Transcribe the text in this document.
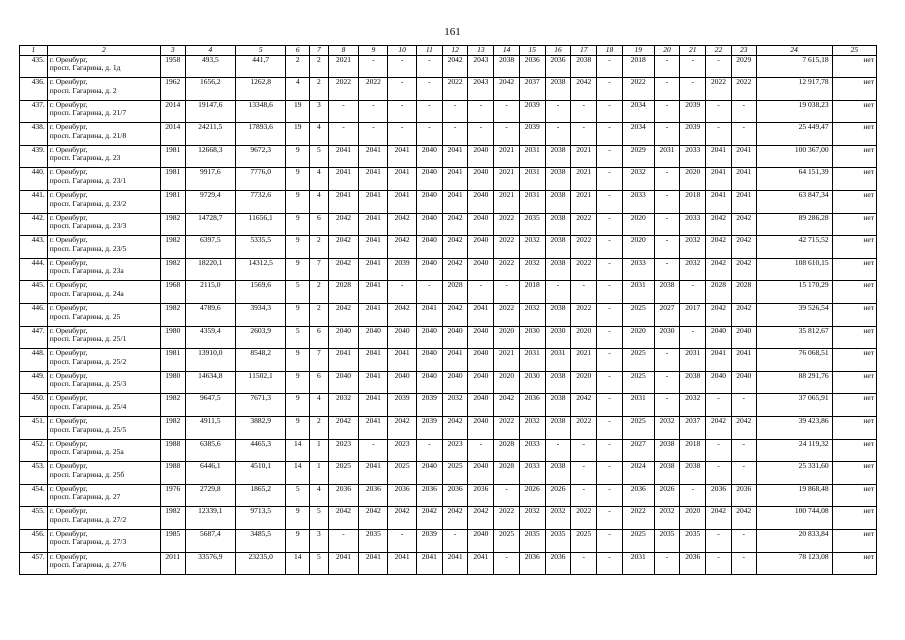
161
1	2	3	4	5	6	7	8	9	10	11	12	13	14	15	16	17	18	19	20	21	22	23	24	25
435.	г. Оренбург,
просп. Гагарина, д. 1д	1958	493,5	441,7	2	2	2021	-	-	-	2042	2043	2038	2036	2036	2038	-	2018	-	-	-	2029	7 615,18	нет
436.	г. Оренбург,
просп. Гагарина, д. 2	1962	1656,2	1262,8	4	2	2022	2022	-	-	2022	2043	2042	2037	2038	2042	-	2022	-	-	2022	2022	12 917,78	нет
437.	г. Оренбург,
просп. Гагарина, д. 21/7	2014	19147,6	13348,6	19	3	-	-	-	-	-	-	-	2039	-	-	-	2034	-	2039	-	-	19 038,23	нет
438.	г. Оренбург,
просп. Гагарина, д. 21/8	2014	24211,5	17893,6	19	4	-	-	-	-	-	-	-	2039	-	-	-	2034	-	2039	-	-	25 449,47	нет
439.	г. Оренбург,
просп. Гагарина, д. 23	1981	12668,3	9672,3	9	5	2041	2041	2041	2040	2041	2040	2021	2031	2038	2021	-	2029	2031	2033	2041	2041	100 367,00	нет
440.	г. Оренбург,
просп. Гагарина, д. 23/1	1981	9917,6	7776,0	9	4	2041	2041	2041	2040	2041	2040	2021	2031	2038	2021	-	2032	-	2020	2041	2041	64 151,39	нет
441.	г. Оренбург,
просп. Гагарина, д. 23/2	1981	9729,4	7732,6	9	4	2041	2041	2041	2040	2041	2040	2021	2031	2038	2021	-	2033	-	2018	2041	2041	63 847,34	нет
442.	г. Оренбург,
просп. Гагарина, д. 23/3	1982	14728,7	11656,1	9	6	2042	2041	2042	2040	2042	2040	2022	2035	2038	2022	-	2020	-	2033	2042	2042	89 286,28	нет
443.	г. Оренбург,
просп. Гагарина, д. 23/5	1982	6397,5	5335,5	9	2	2042	2041	2042	2040	2042	2040	2022	2032	2038	2022	-	2020	-	2032	2042	2042	42 715,52	нет
444.	г. Оренбург,
просп. Гагарина, д. 23а	1982	18220,1	14312,5	9	7	2042	2041	2039	2040	2042	2040	2022	2032	2038	2022	-	2033	-	2032	2042	2042	108 610,15	нет
445.	г. Оренбург,
просп. Гагарина, д. 24а	1968	2115,0	1569,6	5	2	2028	2041	-	-	2028	-	-	2018	-	-	-	2031	2038	-	2028	2028	15 170,29	нет
446.	г. Оренбург,
просп. Гагарина, д. 25	1982	4789,6	3934,3	9	2	2042	2041	2042	2041	2042	2041	2022	2032	2038	2022	-	2025	2027	2017	2042	2042	39 526,54	нет
447.	г. Оренбург,
просп. Гагарина, д. 25/1	1980	4359,4	2603,9	5	6	2040	2040	2040	2040	2040	2040	2020	2030	2030	2020	-	2020	2030	-	2040	2040	35 812,67	нет
448.	г. Оренбург,
просп. Гагарина, д. 25/2	1981	13910,0	8548,2	9	7	2041	2041	2041	2040	2041	2040	2021	2031	2031	2021	-	2025	-	2031	2041	2041	76 068,51	нет
449.	г. Оренбург,
просп. Гагарина, д. 25/3	1980	14634,8	11502,1	9	6	2040	2041	2040	2040	2040	2040	2020	2030	2038	2020	-	2025	-	2038	2040	2040	88 291,76	нет
450.	г. Оренбург,
просп. Гагарина, д. 25/4	1982	9647,5	7671,3	9	4	2032	2041	2039	2039	2032	2040	2042	2036	2038	2042	-	2031	-	2032	-	-	37 065,91	нет
451.	г. Оренбург,
просп. Гагарина, д. 25/5	1982	4911,5	3882,9	9	2	2042	2041	2042	2039	2042	2040	2022	2032	2038	2022	-	2025	2032	2037	2042	2042	39 423,86	нет
452.	г. Оренбург,
просп. Гагарина, д. 25а	1988	6385,6	4465,3	14	1	2023	-	2023	-	2023	-	2028	2033	-	-	-	2027	2038	2018	-	-	24 119,32	нет
453.	г. Оренбург,
просп. Гагарина, д. 25б	1988	6446,1	4510,1	14	1	2025	2041	2025	2040	2025	2040	2028	2033	2038	-	-	2024	2038	2038	-	-	25 331,60	нет
454.	г. Оренбург,
просп. Гагарина, д. 27	1976	2729,8	1865,2	5	4	2036	2036	2036	2036	2036	2036	-	2026	2026	-	-	2036	2026	-	2036	2036	19 868,48	нет
455.	г. Оренбург,
просп. Гагарина, д. 27/2	1982	12339,1	9713,5	9	5	2042	2042	2042	2042	2042	2042	2022	2032	2032	2022	-	2022	2032	2020	2042	2042	100 744,08	нет
456.	г. Оренбург,
просп. Гагарина, д. 27/3	1985	5687,4	3485,5	9	3	-	2035	-	2039	-	2040	2025	2035	2035	2025	-	2025	2035	2035	-	-	20 833,84	нет
457.	г. Оренбург,
просп. Гагарина, д. 27/6	2011	33576,9	23235,0	14	5	2041	2041	2041	2041	2041	2041	-	2036	2036	-	-	2031	-	2036	-	-	78 123,08	нет
